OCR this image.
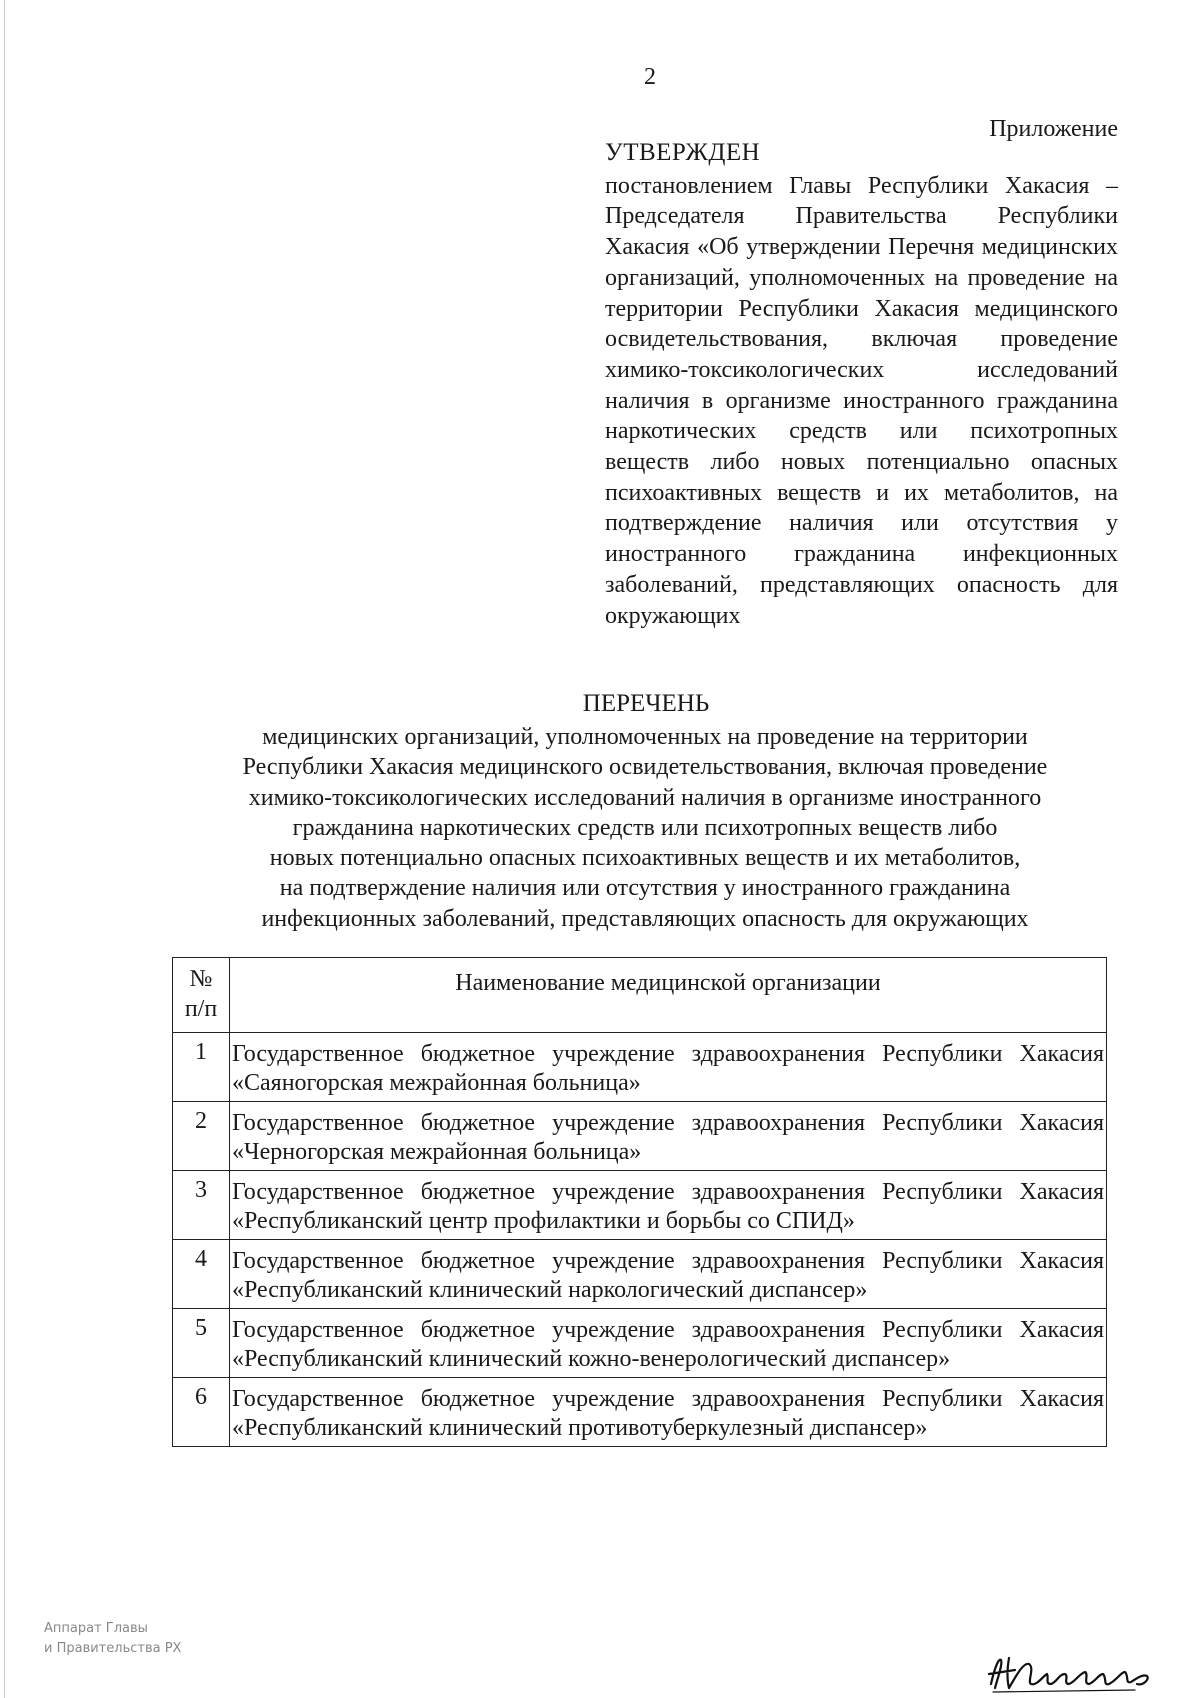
2
Приложение
УТВЕРЖДЕН
постановлением Главы Республики Хакасия – Председателя Правительства Республики Хакасия «Об утверждении Перечня медицинских организаций, уполномоченных на проведение на территории Республики Хакасия медицинского освидетельствования, включая проведение химико-токсикологических исследований наличия в организме иностранного гражданина наркотических средств или психотропных веществ либо новых потенциально опасных психоактивных веществ и их метаболитов, на подтверждение наличия или отсутствия у иностранного гражданина инфекционных заболеваний, представляющих опасность для окружающих
ПЕРЕЧЕНЬ
медицинских организаций, уполномоченных на проведение на территории
Республики Хакасия медицинского освидетельствования, включая проведение
химико-токсикологических исследований наличия в организме иностранного
гражданина наркотических средств или психотропных веществ либо
новых потенциально опасных психоактивных веществ и их метаболитов,
на подтверждение наличия или отсутствия у иностранного гражданина
инфекционных заболеваний, представляющих опасность для окружающих
№
п/п	Наименование медицинской организации
1	Государственное бюджетное учреждение здравоохранения Республики Хакасия «Саяногорская межрайонная больница»
2	Государственное бюджетное учреждение здравоохранения Республики Хакасия «Черногорская межрайонная больница»
3	Государственное бюджетное учреждение здравоохранения Республики Хакасия «Республиканский центр профилактики и борьбы со СПИД»
4	Государственное бюджетное учреждение здравоохранения Республики Хакасия «Республиканский клинический наркологический диспансер»
5	Государственное бюджетное учреждение здравоохранения Республики Хакасия «Республиканский клинический кожно-венерологический диспансер»
6	Государственное бюджетное учреждение здравоохранения Республики Хакасия «Республиканский клинический противотуберкулезный диспансер»
Аппарат Главы
и Правительства РХ
